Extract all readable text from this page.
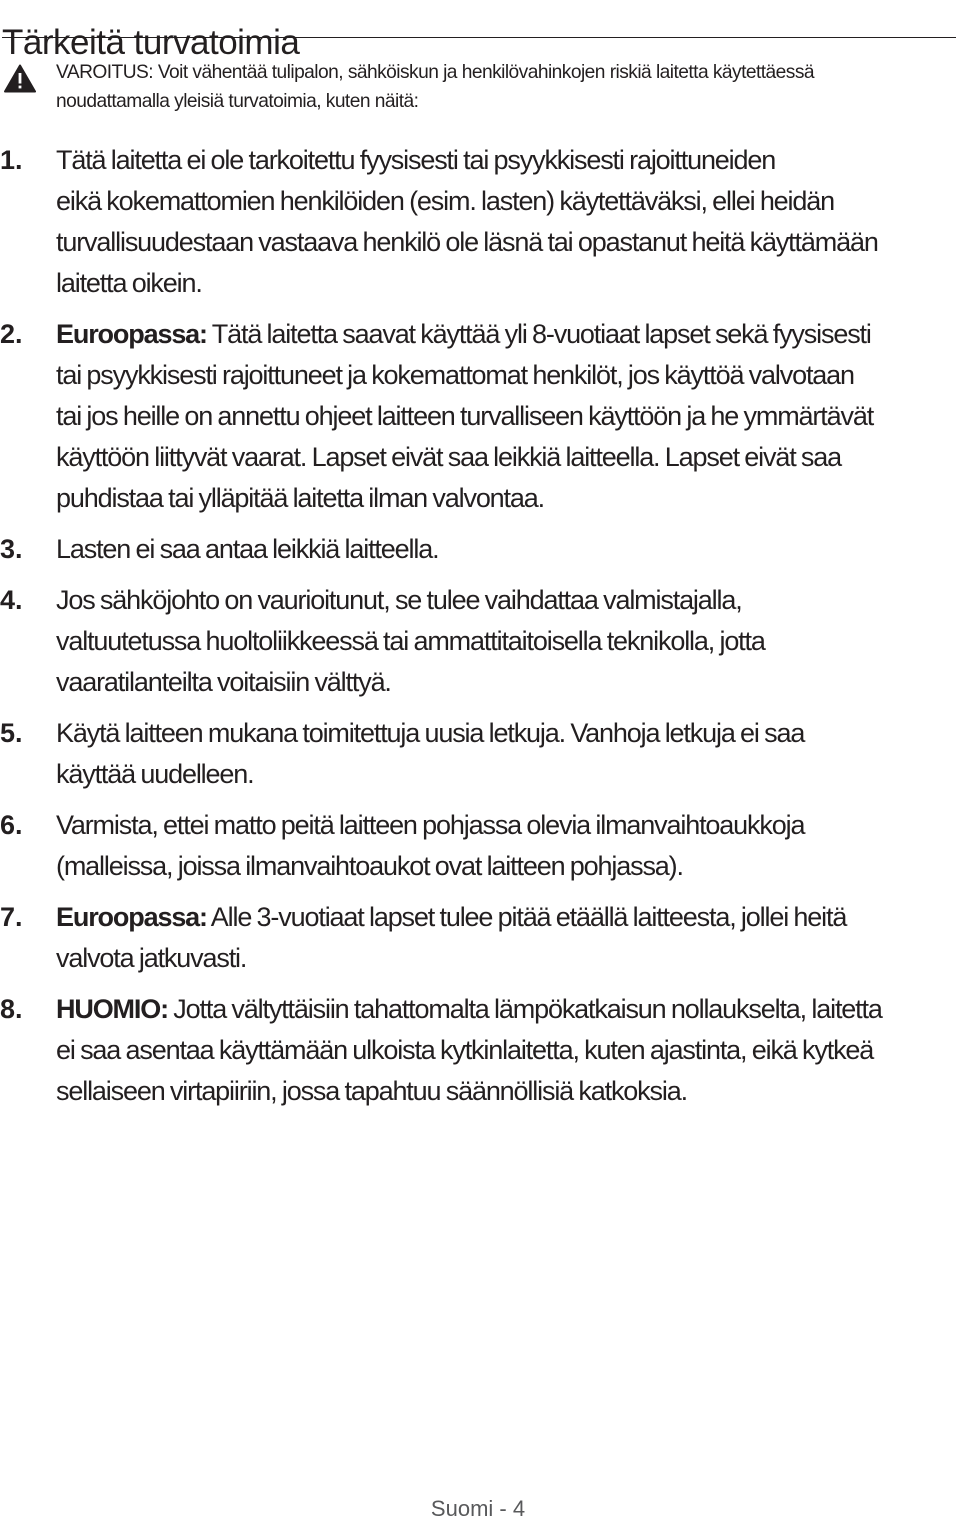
Tärkeitä turvatoimia
VAROITUS: Voit vähentää tulipalon, sähköiskun ja henkilövahinkojen riskiä laitetta käytettäessä
noudattamalla yleisiä turvatoimia, kuten näitä:
1. Tätä laitetta ei ole tarkoitettu fyysisesti tai psyykkisesti rajoittuneiden
eikä kokemattomien henkilöiden (esim. lasten) käytettäväksi, ellei heidän
turvallisuudestaan vastaava henkilö ole läsnä tai opastanut heitä käyttämään
laitetta oikein.
2. Euroopassa: Tätä laitetta saavat käyttää yli 8-vuotiaat lapset sekä fyysisesti
tai psyykkisesti rajoittuneet ja kokemattomat henkilöt, jos käyttöä valvotaan
tai jos heille on annettu ohjeet laitteen turvalliseen käyttöön ja he ymmärtävät
käyttöön liittyvät vaarat. Lapset eivät saa leikkiä laitteella. Lapset eivät saa
puhdistaa tai ylläpitää laitetta ilman valvontaa.
3. Lasten ei saa antaa leikkiä laitteella.
4. Jos sähköjohto on vaurioitunut, se tulee vaihdattaa valmistajalla,
valtuutetussa huoltoliikkeessä tai ammattitaitoisella teknikolla, jotta
vaaratilanteilta voitaisiin välttyä.
5. Käytä laitteen mukana toimitettuja uusia letkuja. Vanhoja letkuja ei saa
käyttää uudelleen.
6. Varmista, ettei matto peitä laitteen pohjassa olevia ilmanvaihtoaukkoja
(malleissa, joissa ilmanvaihtoaukot ovat laitteen pohjassa).
7. Euroopassa: Alle 3-vuotiaat lapset tulee pitää etäällä laitteesta, jollei heitä
valvota jatkuvasti.
8. HUOMIO: Jotta vältyttäisiin tahattomalta lämpökatkaisun nollaukselta, laitetta
ei saa asentaa käyttämään ulkoista kytkinlaitetta, kuten ajastinta, eikä kytkeä
sellaiseen virtapiiriin, jossa tapahtuu säännöllisiä katkoksia.
Suomi - 4
